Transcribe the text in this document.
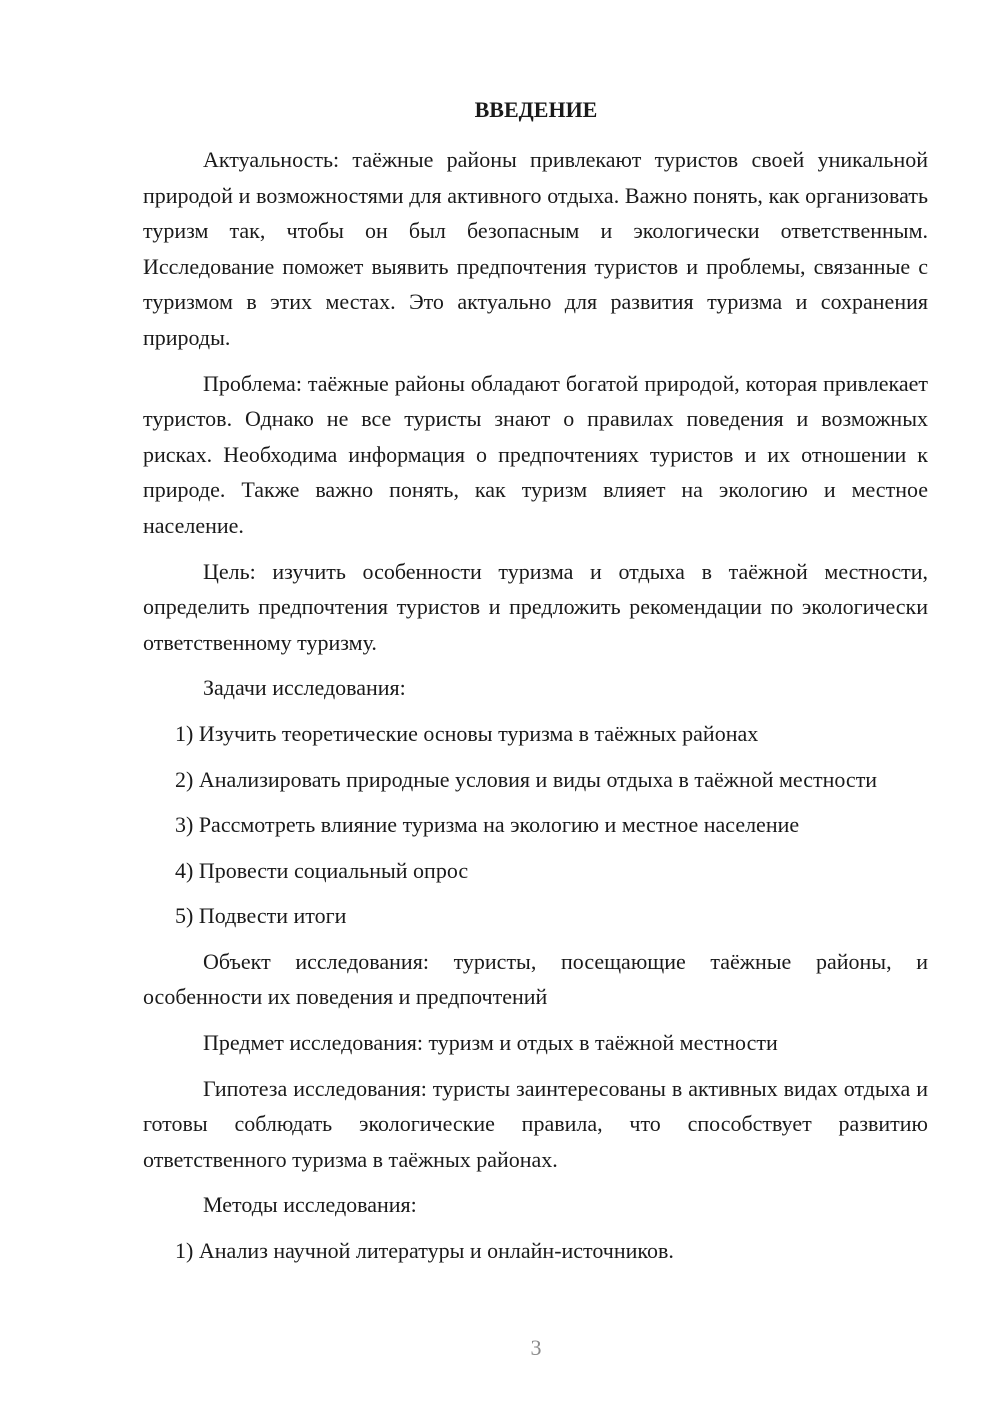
ВВЕДЕНИЕ

Актуальность: таёжные районы привлекают туристов своей уникальной природой и возможностями для активного отдыха. Важно понять, как организовать туризм так, чтобы он был безопасным и экологически ответственным. Исследование поможет выявить предпочтения туристов и проблемы, связанные с туризмом в этих местах. Это актуально для развития туризма и сохранения природы.

Проблема: таёжные районы обладают богатой природой, которая привлекает туристов. Однако не все туристы знают о правилах поведения и возможных рисках. Необходима информация о предпочтениях туристов и их отношении к природе. Также важно понять, как туризм влияет на экологию и местное население.

Цель: изучить особенности туризма и отдыха в таёжной местности, определить предпочтения туристов и предложить рекомендации по экологически ответственному туризму.

Задачи исследования:

1) Изучить теоретические основы туризма в таёжных районах

2) Анализировать природные условия и виды отдыха в таёжной местности

3) Рассмотреть влияние туризма на экологию и местное население

4) Провести социальный опрос

5) Подвести итоги

Объект исследования: туристы, посещающие таёжные районы, и особенности их поведения и предпочтений

Предмет исследования: туризм и отдых в таёжной местности

Гипотеза исследования: туристы заинтересованы в активных видах отдыха и готовы соблюдать экологические правила, что способствует развитию ответственного туризма в таёжных районах.

Методы исследования:

1) Анализ научной литературы и онлайн-источников.

3
